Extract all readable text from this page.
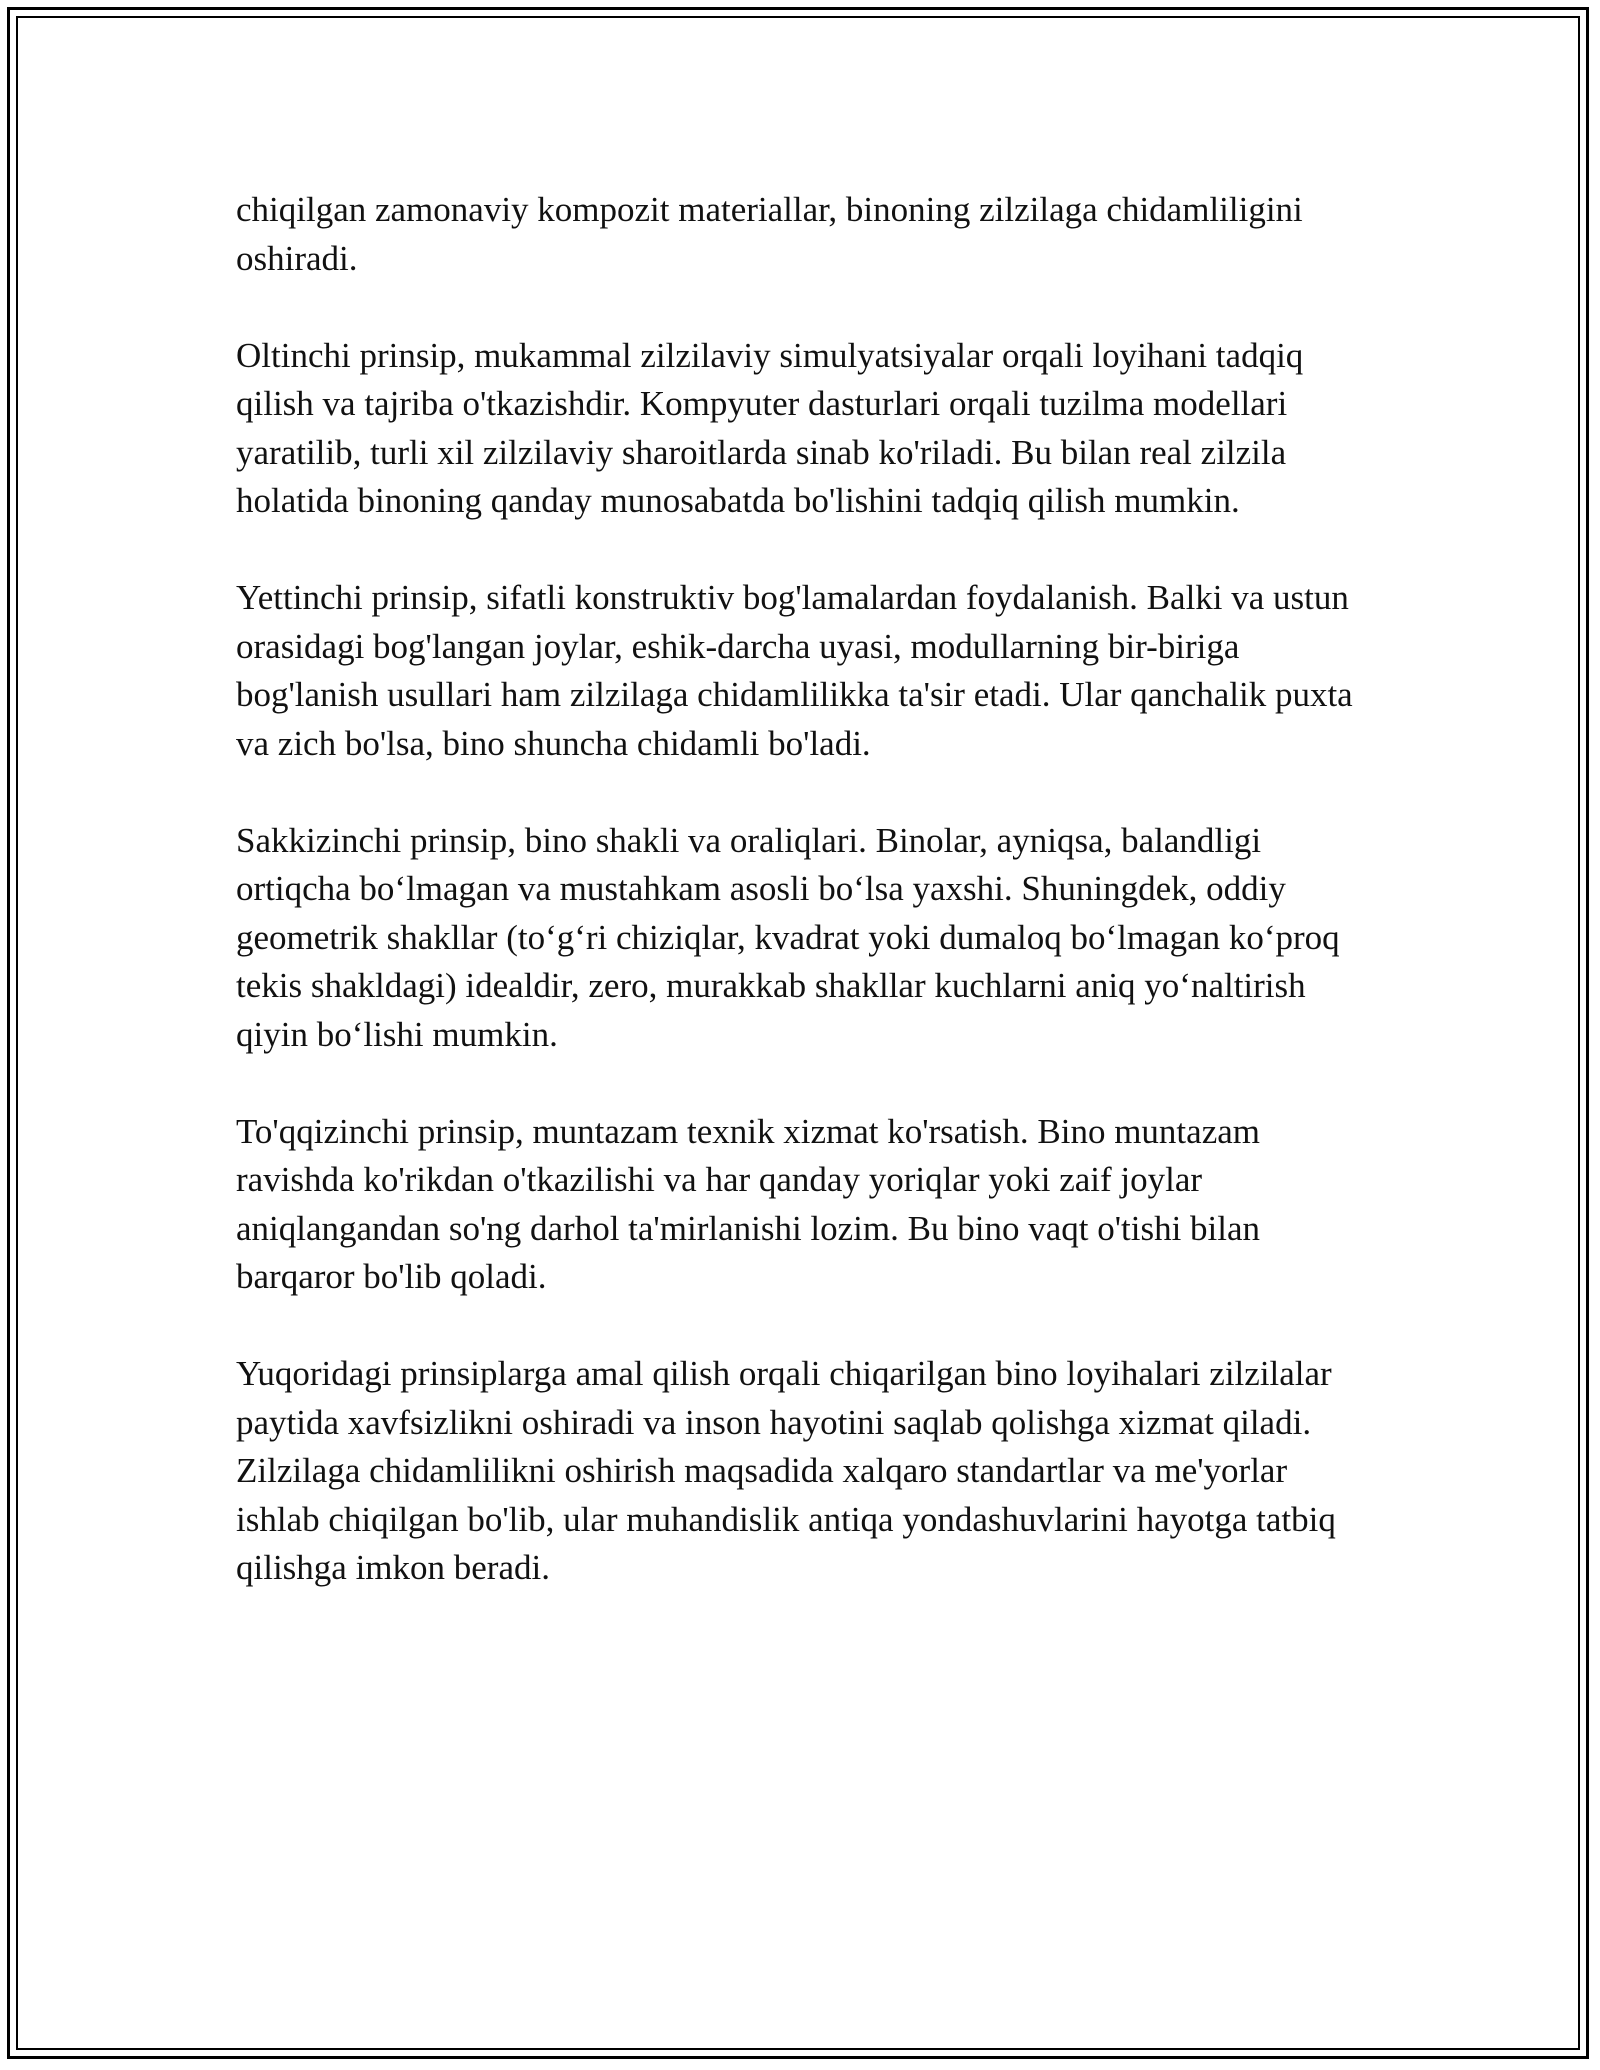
chiqilgan zamonaviy kompozit materiallar, binoning zilzilaga chidamliligini oshiradi.

Oltinchi prinsip, mukammal zilzilaviy simulyatsiyalar orqali loyihani tadqiq qilish va tajriba o'tkazishdir. Kompyuter dasturlari orqali tuzilma modellari yaratilib, turli xil zilzilaviy sharoitlarda sinab ko'riladi. Bu bilan real zilzila holatida binoning qanday munosabatda bo'lishini tadqiq qilish mumkin.

Yettinchi prinsip, sifatli konstruktiv bog'lamalardan foydalanish. Balki va ustun orasidagi bog'langan joylar, eshik-darcha uyasi, modullarning bir-biriga bog'lanish usullari ham zilzilaga chidamlilikka ta'sir etadi. Ular qanchalik puxta va zich bo'lsa, bino shuncha chidamli bo'ladi.

Sakkizinchi prinsip, bino shakli va oraliqlari. Binolar, ayniqsa, balandligi ortiqcha bo‘lmagan va mustahkam asosli bo‘lsa yaxshi. Shuningdek, oddiy geometrik shakllar (to‘g‘ri chiziqlar, kvadrat yoki dumaloq bo‘lmagan ko‘proq tekis shakldagi) idealdir, zero, murakkab shakllar kuchlarni aniq yo‘naltirish qiyin bo‘lishi mumkin.

To'qqizinchi prinsip, muntazam texnik xizmat ko'rsatish. Bino muntazam ravishda ko'rikdan o'tkazilishi va har qanday yoriqlar yoki zaif joylar aniqlangandan so'ng darhol ta'mirlanishi lozim. Bu bino vaqt o'tishi bilan barqaror bo'lib qoladi.

Yuqoridagi prinsiplarga amal qilish orqali chiqarilgan bino loyihalari zilzilalar paytida xavfsizlikni oshiradi va inson hayotini saqlab qolishga xizmat qiladi. Zilzilaga chidamlilikni oshirish maqsadida xalqaro standartlar va me'yorlar ishlab chiqilgan bo'lib, ular muhandislik antiqa yondashuvlarini hayotga tatbiq qilishga imkon beradi.
